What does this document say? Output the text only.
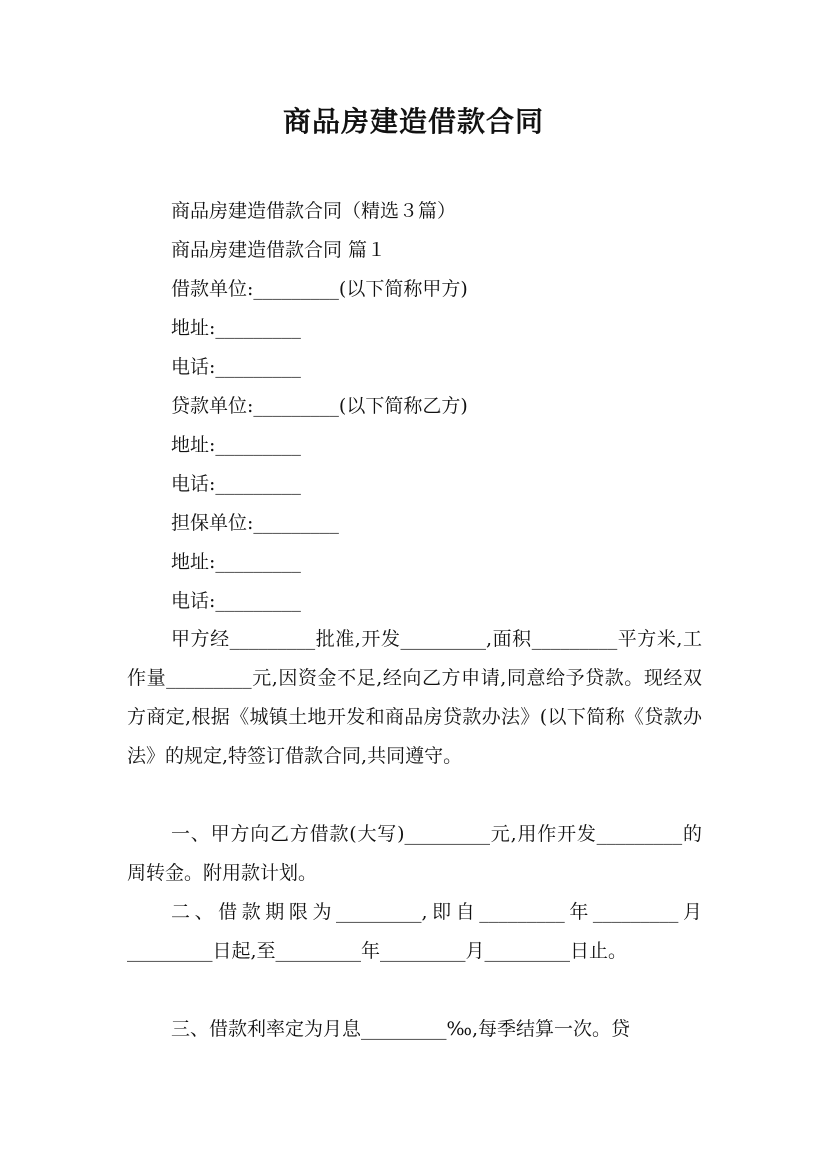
商品房建造借款合同
商品房建造借款合同（精选３篇）
商品房建造借款合同 篇１
借款单位:_________(以下简称甲方)
地址:_________
电话:_________
贷款单位:_________(以下简称乙方)
地址:_________
电话:_________
担保单位:_________
地址:_________
电话:_________
甲方经_________批准,开发_________,面积_________平方米,工作量_________元,因资金不足,经向乙方申请,同意给予贷款。现经双方商定,根据《城镇土地开发和商品房贷款办法》(以下简称《贷款办法》的规定,特签订借款合同,共同遵守。
一、甲方向乙方借款(大写)_________元,用作开发_________的周转金。附用款计划。
二、借款期限为_________,即自_________年_________月_________日起,至_________年_________月_________日止。
三、借款利率定为月息_________‰,每季结算一次。贷
